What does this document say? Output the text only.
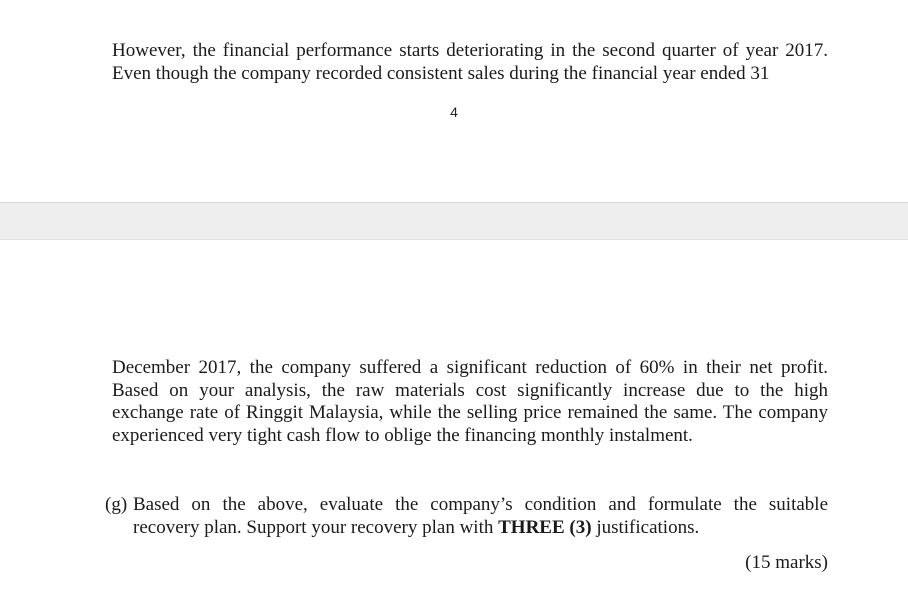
However, the financial performance starts deteriorating in the second quarter of year 2017.
Even though the company recorded consistent sales during the financial year ended 31

4

December 2017, the company suffered a significant reduction of 60% in their net profit.
Based on your analysis, the raw materials cost significantly increase due to the high
exchange rate of Ringgit Malaysia, while the selling price remained the same. The company
experienced very tight cash flow to oblige the financing monthly instalment.

(g) Based on the above, evaluate the company’s condition and formulate the suitable
recovery plan. Support your recovery plan with THREE (3) justifications.
(15 marks)
